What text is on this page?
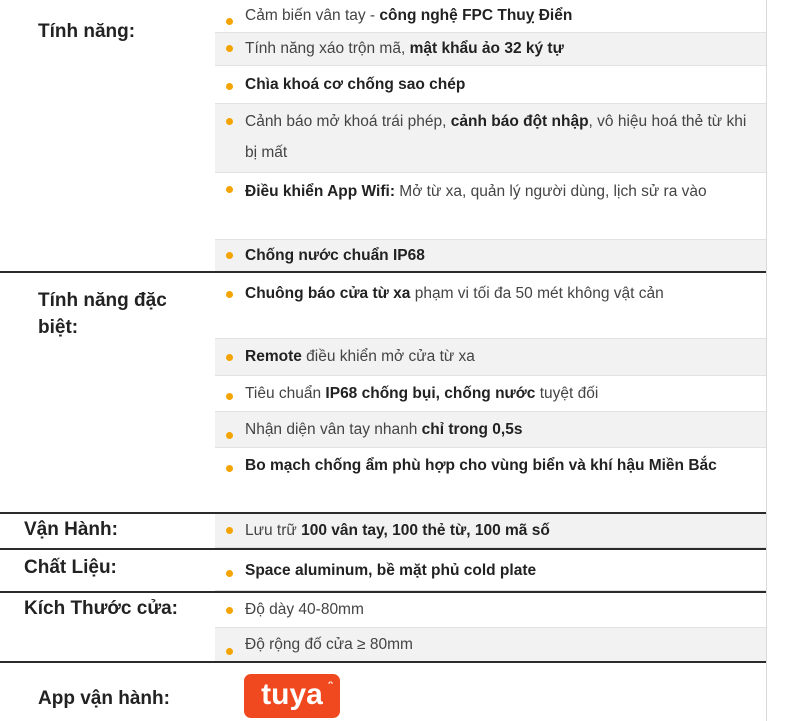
Tính năng:
Cảm biến vân tay - công nghệ FPC Thuỵ Điển
Tính năng xáo trộn mã, mật khẩu ảo 32 ký tự
Chìa khoá cơ chống sao chép
Cảnh báo mở khoá trái phép, cảnh báo đột nhập, vô hiệu hoá thẻ từ khi bị mất
Điều khiển App Wifi: Mở từ xa, quản lý người dùng, lịch sử ra vào
Chống nước chuẩn IP68
Tính năng đặc biệt:
Chuông báo cửa từ xa phạm vi tối đa 50 mét không vật cản
Remote điều khiển mở cửa từ xa
Tiêu chuẩn IP68 chống bụi, chống nước tuyệt đối
Nhận diện vân tay nhanh chỉ trong 0,5s
Bo mạch chống ẩm phù hợp cho vùng biển và khí hậu Miền Bắc
Vận Hành:	Lưu trữ 100 vân tay, 100 thẻ từ, 100 mã số
Chất Liệu:	Space aluminum, bề mặt phủ cold plate
Kích Thước cửa:	Độ dày 40-80mm
Độ rộng đố cửa ≥ 80mm
App vận hành:	tuya ᵔ
